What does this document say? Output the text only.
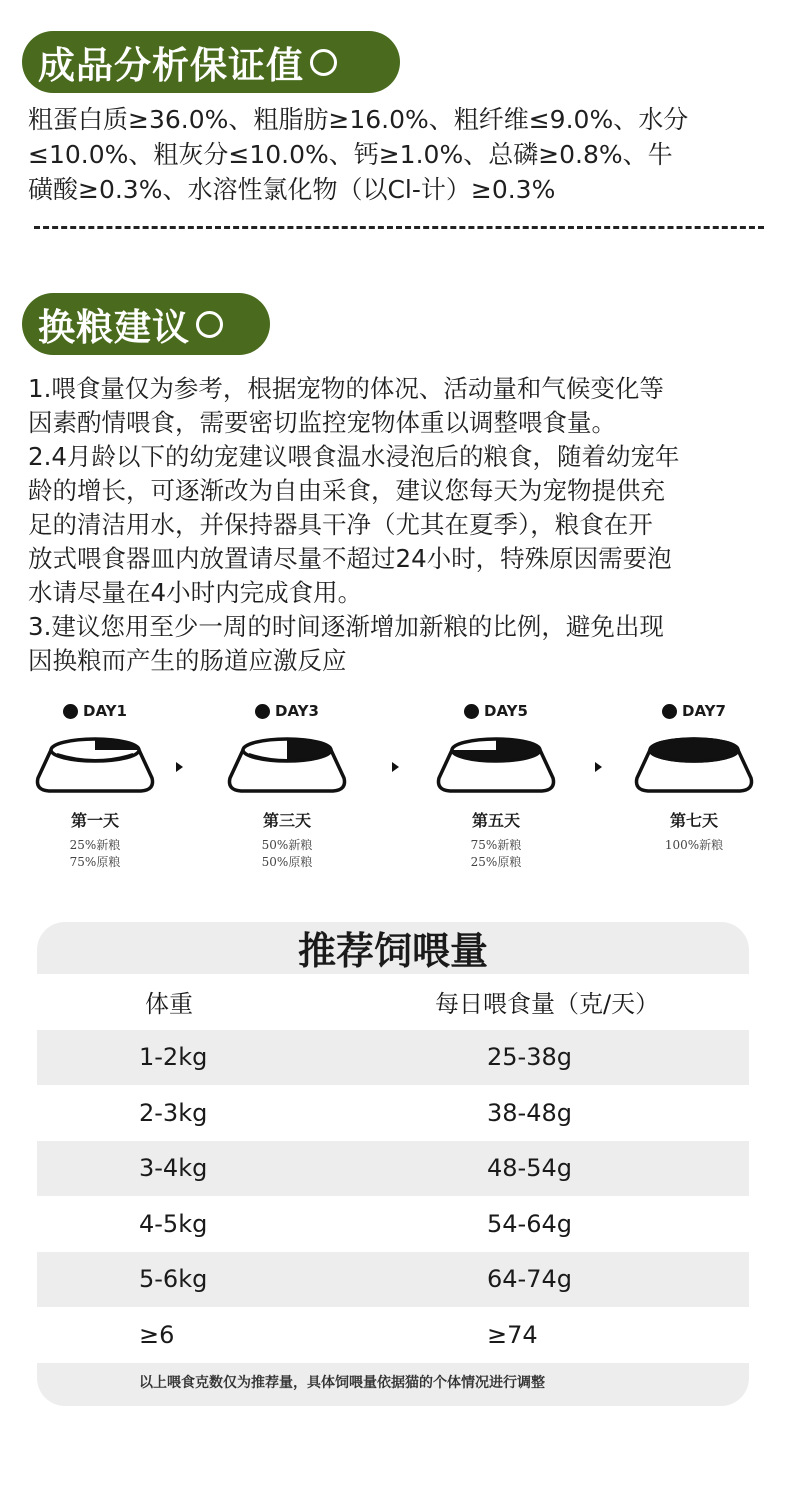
成品分析保证值

粗蛋白质≥36.0%、粗脂肪≥16.0%、粗纤维≤9.0%、水分

≤10.0%、粗灰分≤10.0%、钙≥1.0%、总磷≥0.8%、牛

磺酸≥0.3%、水溶性氯化物（以Cl-计）≥0.3%

换粮建议

1.喂食量仅为参考，根据宠物的体况、活动量和气候变化等

因素酌情喂食，需要密切监控宠物体重以调整喂食量。

2.4月龄以下的幼宠建议喂食温水浸泡后的粮食，随着幼宠年

龄的增长，可逐渐改为自由采食，建议您每天为宠物提供充

足的清洁用水，并保持器具干净（尤其在夏季），粮食在开

放式喂食器皿内放置请尽量不超过24小时，特殊原因需要泡

水请尽量在4小时内完成食用。

3.建议您用至少一周的时间逐渐增加新粮的比例，避免出现

因换粮而产生的肠道应激反应

DAY1
第一天
25%新粮
75%原粮
DAY3
第三天
50%新粮
50%原粮
DAY5
第五天
75%新粮
25%原粮
DAY7
第七天
100%新粮
推荐饲喂量
体重	每日喂食量（克/天）
1-2kg	25-38g
2-3kg	38-48g
3-4kg	48-54g
4-5kg	54-64g
5-6kg	64-74g
≥6	≥74
以上喂食克数仅为推荐量，具体饲喂量依据猫的个体情况进行调整
